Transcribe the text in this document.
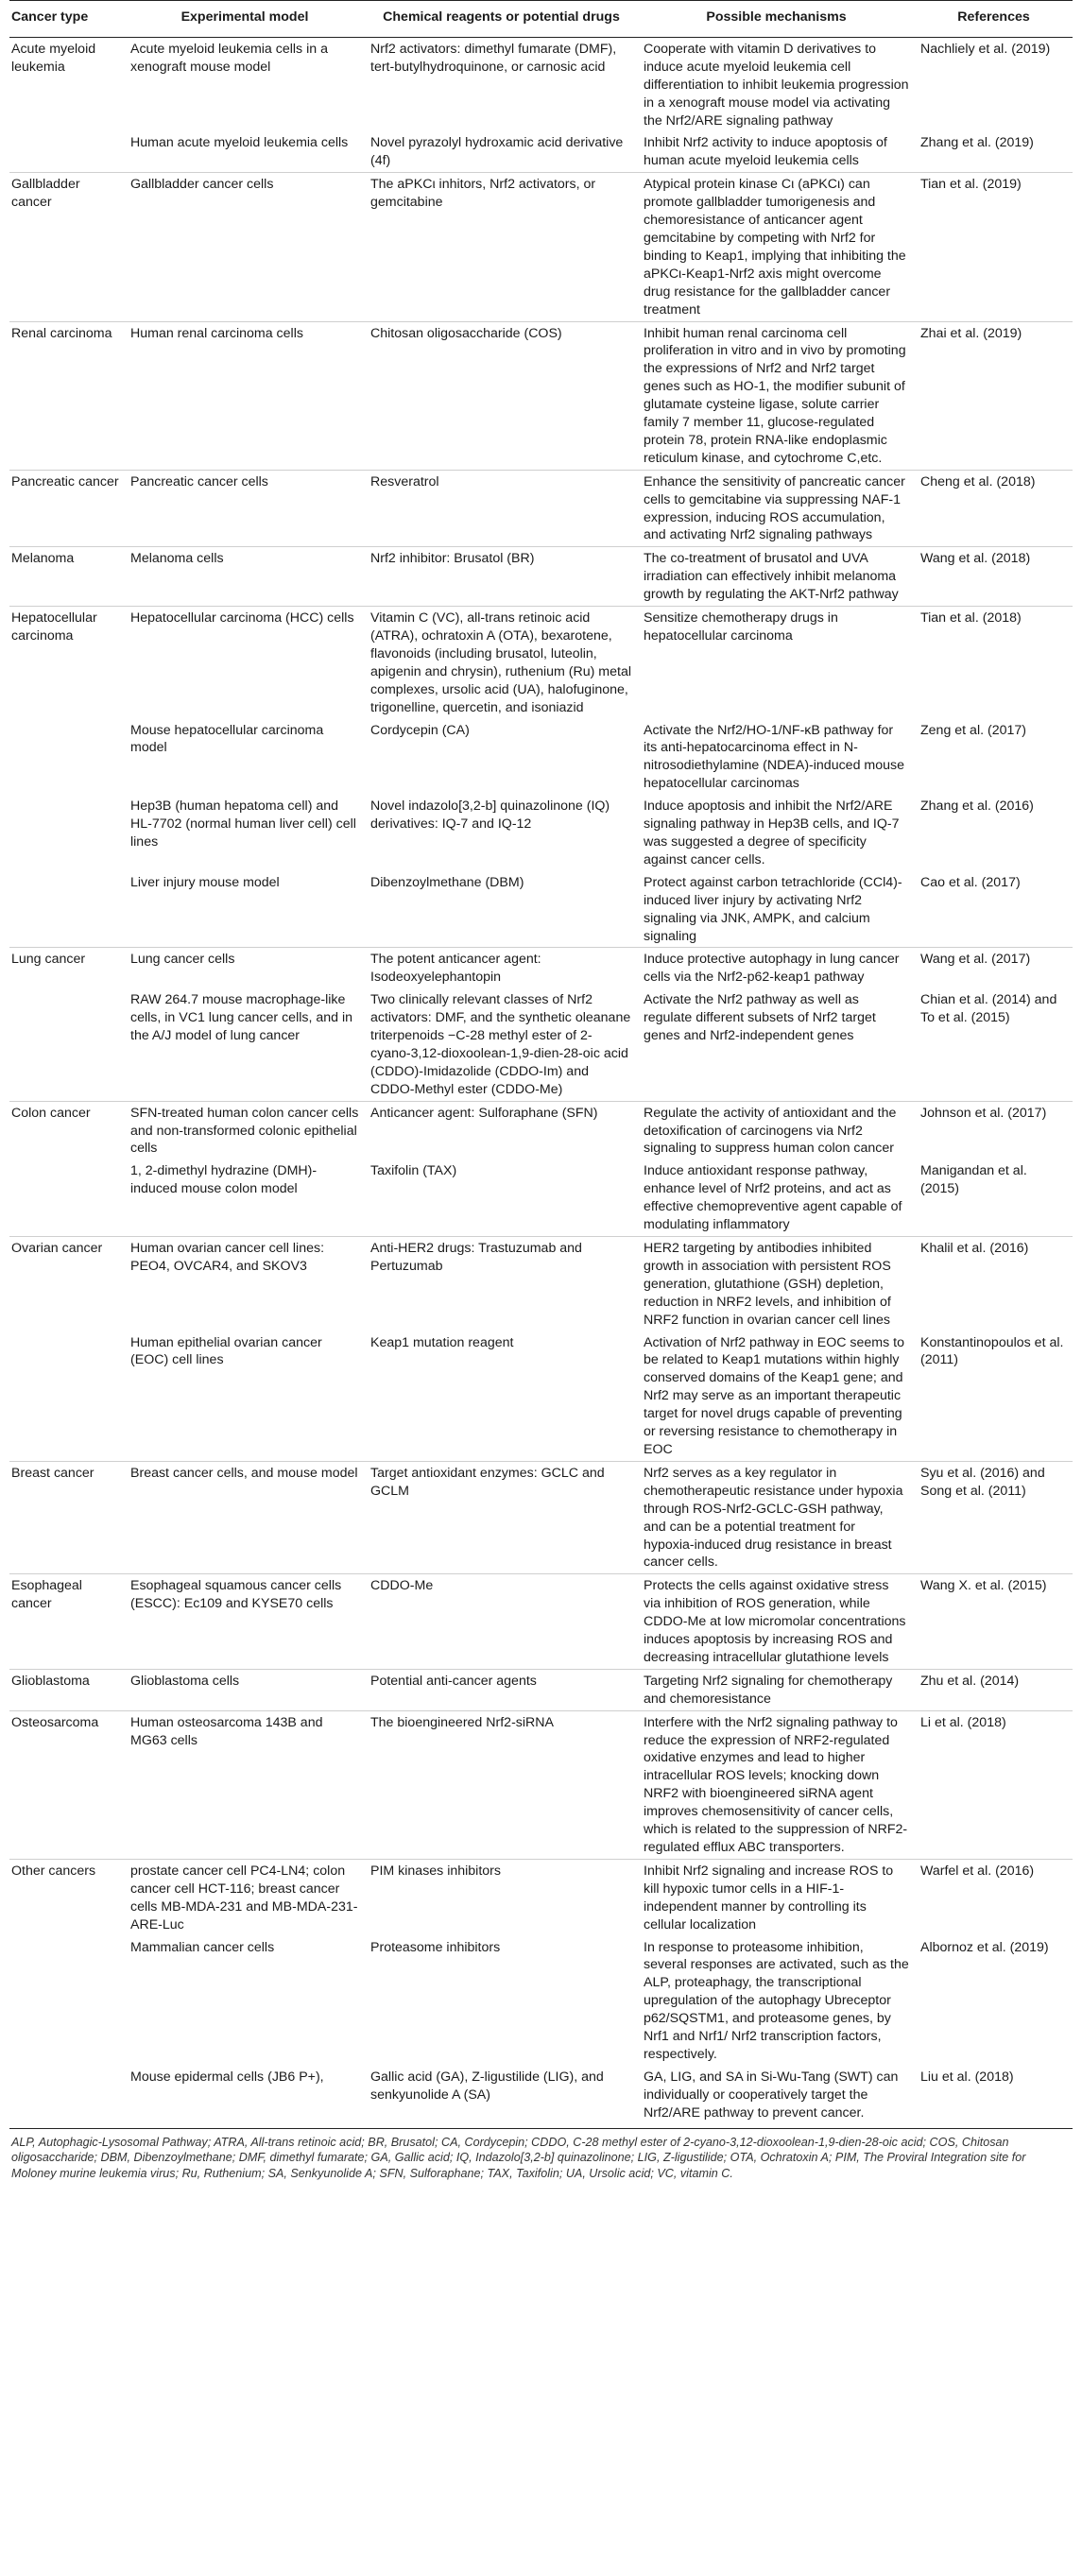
Cancer type	Experimental model	Chemical reagents or potential drugs	Possible mechanisms	References
Acute myeloid leukemia	Acute myeloid leukemia cells in a xenograft mouse model	Nrf2 activators: dimethyl fumarate (DMF), tert-butylhydroquinone, or carnosic acid	Cooperate with vitamin D derivatives to induce acute myeloid leukemia cell differentiation to inhibit leukemia progression in a xenograft mouse model via activating the Nrf2/ARE signaling pathway	Nachliely et al. (2019)
	Human acute myeloid leukemia cells	Novel pyrazolyl hydroxamic acid derivative (4f)	Inhibit Nrf2 activity to induce apoptosis of human acute myeloid leukemia cells	Zhang et al. (2019)
Gallbladder cancer	Gallbladder cancer cells	The aPKCι inhitors, Nrf2 activators, or gemcitabine	Atypical protein kinase Cι (aPKCι) can promote gallbladder tumorigenesis and chemoresistance of anticancer agent gemcitabine by competing with Nrf2 for binding to Keap1, implying that inhibiting the aPKCι-Keap1-Nrf2 axis might overcome drug resistance for the gallbladder cancer treatment	Tian et al. (2019)
Renal carcinoma	Human renal carcinoma cells	Chitosan oligosaccharide (COS)	Inhibit human renal carcinoma cell proliferation in vitro and in vivo by promoting the expressions of Nrf2 and Nrf2 target genes such as HO-1, the modifier subunit of glutamate cysteine ligase, solute carrier family 7 member 11, glucose-regulated protein 78, protein RNA-like endoplasmic reticulum kinase, and cytochrome C,etc.	Zhai et al. (2019)
Pancreatic cancer	Pancreatic cancer cells	Resveratrol	Enhance the sensitivity of pancreatic cancer cells to gemcitabine via suppressing NAF-1 expression, inducing ROS accumulation, and activating Nrf2 signaling pathways	Cheng et al. (2018)
Melanoma	Melanoma cells	Nrf2 inhibitor: Brusatol (BR)	The co-treatment of brusatol and UVA irradiation can effectively inhibit melanoma growth by regulating the AKT-Nrf2 pathway	Wang et al. (2018)
Hepatocellular carcinoma	Hepatocellular carcinoma (HCC) cells	Vitamin C (VC), all-trans retinoic acid (ATRA), ochratoxin A (OTA), bexarotene, flavonoids (including brusatol, luteolin, apigenin and chrysin), ruthenium (Ru) metal complexes, ursolic acid (UA), halofuginone, trigonelline, quercetin, and isoniazid	Sensitize chemotherapy drugs in hepatocellular carcinoma	Tian et al. (2018)
	Mouse hepatocellular carcinoma model	Cordycepin (CA)	Activate the Nrf2/HO-1/NF-κB pathway for its anti-hepatocarcinoma effect in N-nitrosodiethylamine (NDEA)-induced mouse hepatocellular carcinomas	Zeng et al. (2017)
	Hep3B (human hepatoma cell) and HL-7702 (normal human liver cell) cell lines	Novel indazolo[3,2-b] quinazolinone (IQ) derivatives: IQ-7 and IQ-12	Induce apoptosis and inhibit the Nrf2/ARE signaling pathway in Hep3B cells, and IQ-7 was suggested a degree of specificity against cancer cells.	Zhang et al. (2016)
	Liver injury mouse model	Dibenzoylmethane (DBM)	Protect against carbon tetrachloride (CCl4)-induced liver injury by activating Nrf2 signaling via JNK, AMPK, and calcium signaling	Cao et al. (2017)
Lung cancer	Lung cancer cells	The potent anticancer agent: Isodeoxyelephantopin	Induce protective autophagy in lung cancer cells via the Nrf2-p62-keap1 pathway	Wang et al. (2017)
	RAW 264.7 mouse macrophage-like cells, in VC1 lung cancer cells, and in the A/J model of lung cancer	Two clinically relevant classes of Nrf2 activators: DMF, and the synthetic oleanane triterpenoids −C-28 methyl ester of 2-cyano-3,12-dioxoolean-1,9-dien-28-oic acid (CDDO)-Imidazolide (CDDO-Im) and CDDO-Methyl ester (CDDO-Me)	Activate the Nrf2 pathway as well as regulate different subsets of Nrf2 target genes and Nrf2-independent genes	Chian et al. (2014) and To et al. (2015)
Colon cancer	SFN-treated human colon cancer cells and non-transformed colonic epithelial cells	Anticancer agent: Sulforaphane (SFN)	Regulate the activity of antioxidant and the detoxification of carcinogens via Nrf2 signaling to suppress human colon cancer	Johnson et al. (2017)
	1, 2-dimethyl hydrazine (DMH)-induced mouse colon model	Taxifolin (TAX)	Induce antioxidant response pathway, enhance level of Nrf2 proteins, and act as effective chemopreventive agent capable of modulating inflammatory	Manigandan et al. (2015)
Ovarian cancer	Human ovarian cancer cell lines: PEO4, OVCAR4, and SKOV3	Anti-HER2 drugs: Trastuzumab and Pertuzumab	HER2 targeting by antibodies inhibited growth in association with persistent ROS generation, glutathione (GSH) depletion, reduction in NRF2 levels, and inhibition of NRF2 function in ovarian cancer cell lines	Khalil et al. (2016)
	Human epithelial ovarian cancer (EOC) cell lines	Keap1 mutation reagent	Activation of Nrf2 pathway in EOC seems to be related to Keap1 mutations within highly conserved domains of the Keap1 gene; and Nrf2 may serve as an important therapeutic target for novel drugs capable of preventing or reversing resistance to chemotherapy in EOC	Konstantinopoulos et al. (2011)
Breast cancer	Breast cancer cells, and mouse model	Target antioxidant enzymes: GCLC and GCLM	Nrf2 serves as a key regulator in chemotherapeutic resistance under hypoxia through ROS-Nrf2-GCLC-GSH pathway, and can be a potential treatment for hypoxia-induced drug resistance in breast cancer cells.	Syu et al. (2016) and Song et al. (2011)
Esophageal cancer	Esophageal squamous cancer cells (ESCC): Ec109 and KYSE70 cells	CDDO-Me	Protects the cells against oxidative stress via inhibition of ROS generation, while CDDO-Me at low micromolar concentrations induces apoptosis by increasing ROS and decreasing intracellular glutathione levels	Wang X. et al. (2015)
Glioblastoma	Glioblastoma cells	Potential anti-cancer agents	Targeting Nrf2 signaling for chemotherapy and chemoresistance	Zhu et al. (2014)
Osteosarcoma	Human osteosarcoma 143B and MG63 cells	The bioengineered Nrf2-siRNA	Interfere with the Nrf2 signaling pathway to reduce the expression of NRF2-regulated oxidative enzymes and lead to higher intracellular ROS levels; knocking down NRF2 with bioengineered siRNA agent improves chemosensitivity of cancer cells, which is related to the suppression of NRF2-regulated efflux ABC transporters.	Li et al. (2018)
Other cancers	prostate cancer cell PC4-LN4; colon cancer cell HCT-116; breast cancer cells MB-MDA-231 and MB-MDA-231-ARE-Luc	PIM kinases inhibitors	Inhibit Nrf2 signaling and increase ROS to kill hypoxic tumor cells in a HIF-1-independent manner by controlling its cellular localization	Warfel et al. (2016)
	Mammalian cancer cells	Proteasome inhibitors	In response to proteasome inhibition, several responses are activated, such as the ALP, proteaphagy, the transcriptional upregulation of the autophagy Ubreceptor p62/SQSTM1, and proteasome genes, by Nrf1 and Nrf1/ Nrf2 transcription factors, respectively.	Albornoz et al. (2019)
	Mouse epidermal cells (JB6 P+),	Gallic acid (GA), Z-ligustilide (LIG), and senkyunolide A (SA)	GA, LIG, and SA in Si-Wu-Tang (SWT) can individually or cooperatively target the Nrf2/ARE pathway to prevent cancer.	Liu et al. (2018)
ALP, Autophagic-Lysosomal Pathway; ATRA, All-trans retinoic acid; BR, Brusatol; CA, Cordycepin; CDDO, C-28 methyl ester of 2-cyano-3,12-dioxoolean-1,9-dien-28-oic acid; COS, Chitosan oligosaccharide; DBM, Dibenzoylmethane; DMF, dimethyl fumarate; GA, Gallic acid; IQ, Indazolo[3,2-b] quinazolinone; LIG, Z-ligustilide; OTA, Ochratoxin A; PIM, The Proviral Integration site for Moloney murine leukemia virus; Ru, Ruthenium; SA, Senkyunolide A; SFN, Sulforaphane; TAX, Taxifolin; UA, Ursolic acid; VC, vitamin C.
